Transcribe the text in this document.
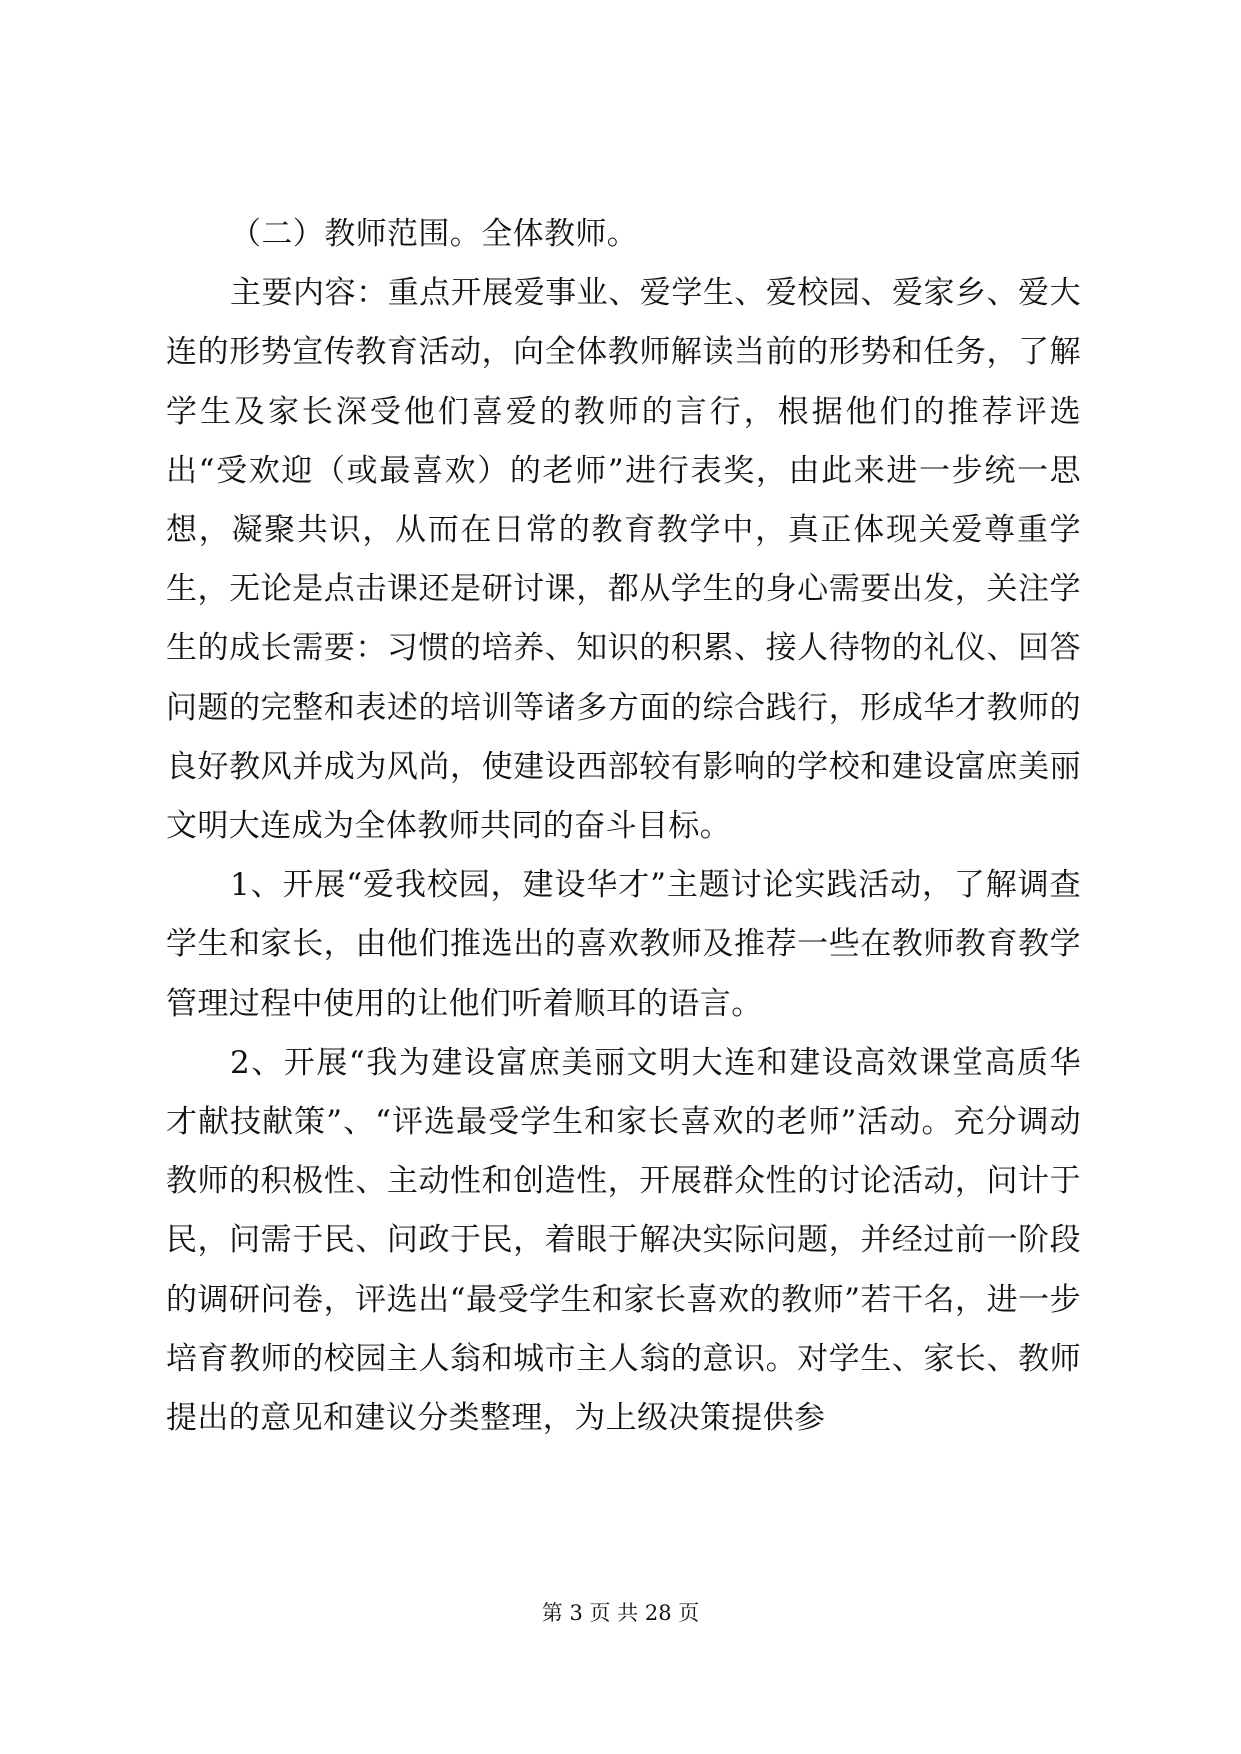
（二）教师范围。全体教师。

主要内容：重点开展爱事业、爱学生、爱校园、爱家乡、爱大连的形势宣传教育活动，向全体教师解读当前的形势和任务，了解学生及家长深受他们喜爱的教师的言行，根据他们的推荐评选出“受欢迎（或最喜欢）的老师”进行表奖，由此来进一步统一思想，凝聚共识，从而在日常的教育教学中，真正体现关爱尊重学生，无论是点击课还是研讨课，都从学生的身心需要出发，关注学生的成长需要：习惯的培养、知识的积累、接人待物的礼仪、回答问题的完整和表述的培训等诸多方面的综合践行，形成华才教师的良好教风并成为风尚，使建设西部较有影响的学校和建设富庶美丽文明大连成为全体教师共同的奋斗目标。

1、开展“爱我校园，建设华才”主题讨论实践活动，了解调查学生和家长，由他们推选出的喜欢教师及推荐一些在教师教育教学管理过程中使用的让他们听着顺耳的语言。

2、开展“我为建设富庶美丽文明大连和建设高效课堂高质华才献技献策”、“评选最受学生和家长喜欢的老师”活动。充分调动教师的积极性、主动性和创造性，开展群众性的讨论活动，问计于民，问需于民、问政于民，着眼于解决实际问题，并经过前一阶段的调研问卷，评选出“最受学生和家长喜欢的教师”若干名，进一步培育教师的校园主人翁和城市主人翁的意识。对学生、家长、教师提出的意见和建议分类整理，为上级决策提供参

第 3 页 共 28 页
